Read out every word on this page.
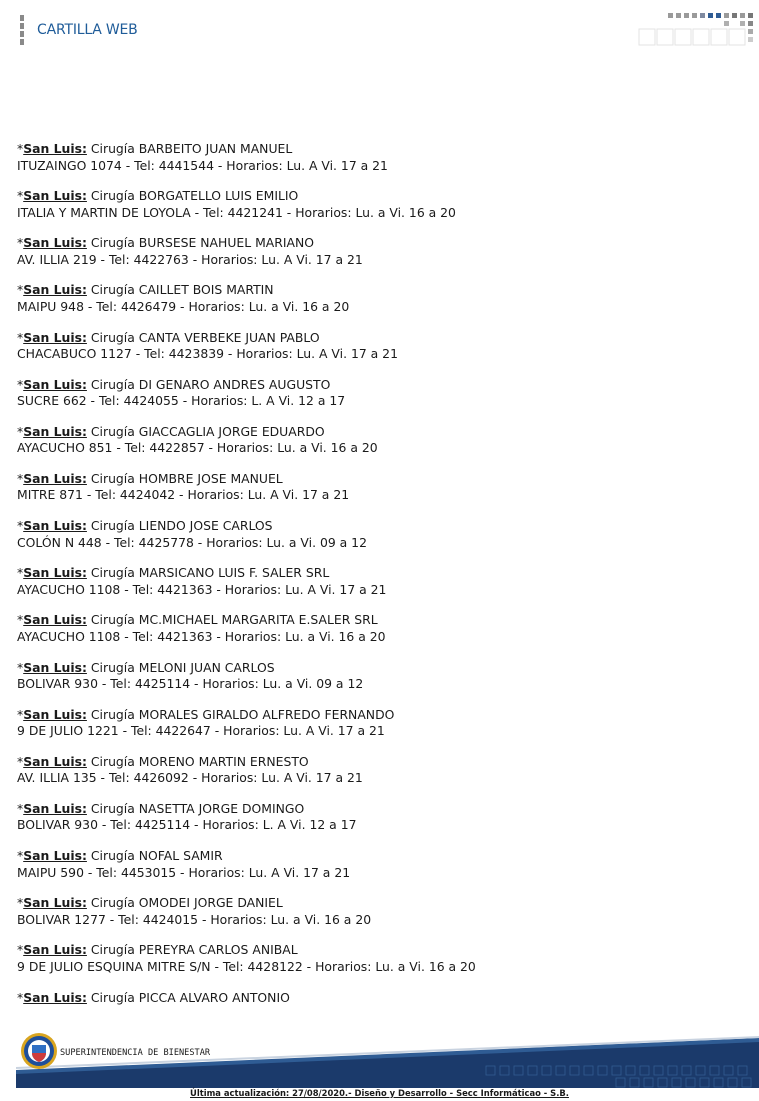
CARTILLA WEB
*San Luis: Cirugía BARBEITO JUAN MANUEL
ITUZAINGO 1074 - Tel: 4441544 - Horarios: Lu. A Vi. 17 a 21
*San Luis: Cirugía BORGATELLO LUIS EMILIO
ITALIA Y MARTIN DE LOYOLA - Tel: 4421241 - Horarios: Lu. a Vi. 16 a 20
*San Luis: Cirugía BURSESE NAHUEL MARIANO
AV. ILLIA 219 - Tel: 4422763 - Horarios: Lu. A Vi. 17 a 21
*San Luis: Cirugía CAILLET BOIS MARTIN
MAIPU 948 - Tel: 4426479 - Horarios: Lu. a Vi. 16 a 20
*San Luis: Cirugía CANTA VERBEKE JUAN PABLO
CHACABUCO 1127 - Tel: 4423839 - Horarios: Lu. A Vi. 17 a 21
*San Luis: Cirugía DI GENARO ANDRES AUGUSTO
SUCRE 662 - Tel: 4424055 - Horarios: L. A Vi. 12 a 17
*San Luis: Cirugía GIACCAGLIA JORGE EDUARDO
AYACUCHO 851 - Tel: 4422857 - Horarios: Lu. a Vi. 16 a 20
*San Luis: Cirugía HOMBRE JOSE MANUEL
MITRE 871 - Tel: 4424042 - Horarios: Lu. A Vi. 17 a 21
*San Luis: Cirugía LIENDO JOSE CARLOS
COLÓN N 448 - Tel: 4425778 - Horarios: Lu. a Vi. 09 a 12
*San Luis: Cirugía MARSICANO LUIS F. SALER SRL
AYACUCHO 1108 - Tel: 4421363 - Horarios: Lu. A Vi. 17 a 21
*San Luis: Cirugía MC.MICHAEL MARGARITA E.SALER SRL
AYACUCHO 1108 - Tel: 4421363 - Horarios: Lu. a Vi. 16 a 20
*San Luis: Cirugía MELONI JUAN CARLOS
BOLIVAR 930 - Tel: 4425114 - Horarios: Lu. a Vi. 09 a 12
*San Luis: Cirugía MORALES GIRALDO ALFREDO FERNANDO
9 DE JULIO 1221 - Tel: 4422647 - Horarios: Lu. A Vi. 17 a 21
*San Luis: Cirugía MORENO MARTIN ERNESTO
AV. ILLIA 135 - Tel: 4426092 - Horarios: Lu. A Vi. 17 a 21
*San Luis: Cirugía NASETTA JORGE DOMINGO
BOLIVAR 930 - Tel: 4425114 - Horarios: L. A Vi. 12 a 17
*San Luis: Cirugía NOFAL SAMIR
MAIPU 590 - Tel: 4453015 - Horarios: Lu. A Vi. 17 a 21
*San Luis: Cirugía OMODEI JORGE DANIEL
BOLIVAR 1277 - Tel: 4424015 - Horarios: Lu. a Vi. 16 a 20
*San Luis: Cirugía PEREYRA CARLOS ANIBAL
9 DE JULIO ESQUINA MITRE S/N - Tel: 4428122 - Horarios: Lu. a Vi. 16 a 20
*San Luis: Cirugía PICCA ALVARO ANTONIO
SUPERINTENDENCIA DE BIENESTAR
Última actualización: 27/08/2020.- Diseño y Desarrollo - Secc Informáticao - S.B.
